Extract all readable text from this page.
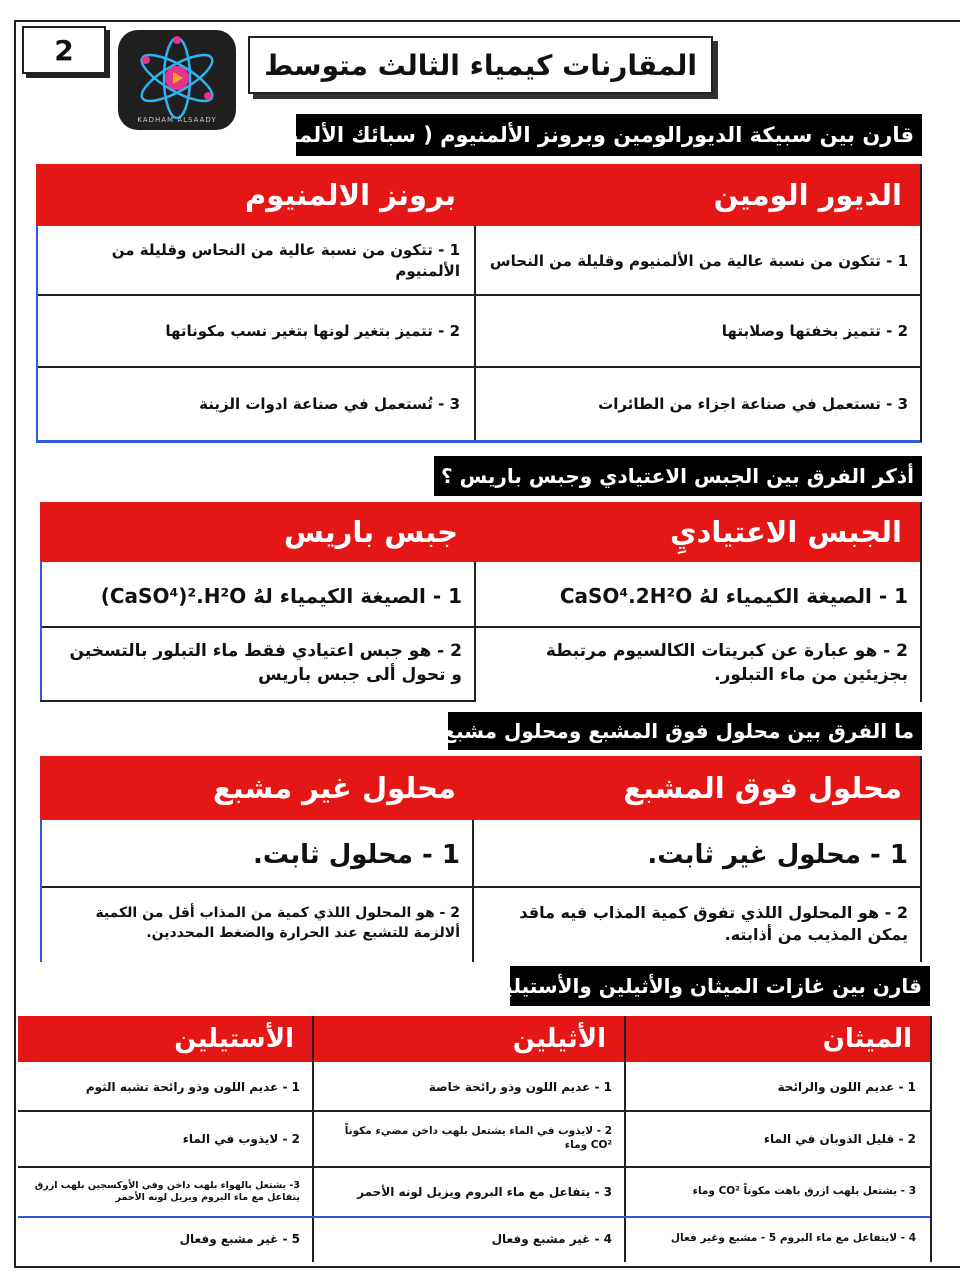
2
KADHAM ALSAADY
المقارنات كيمياء الثالث متوسط
قارن بين سبيكة الديورالومين وبرونز الألمنيوم ( سبائك الألمنيوم )
الديور الومين
برونز الالمنيوم
1 - تتكون من نسبة عالية من الألمنيوم وقليلة من النحاس
2 - تتميز بخفتها وصلابتها
3 - تستعمل في صناعة اجزاء من الطائرات
1 - تتكون من نسبة عالية من النحاس وقليلة من الألمنيوم
2 - تتميز بتغير لونها بتغير نسب مكوناتها
3 - تُستعمل في صناعة ادوات الزينة
أذكر الفرق بين الجبس الاعتيادي وجبس باريس ؟
الجبس الاعتياديِ
جبس باريس
1 - الصيغة الكيمياء لهُ CaSO⁴.2H²O
2 - هو عبارة عن كبريتات الكالسيوم مرتبطة بجزيئين من ماء التبلور.
1 - الصيغة الكيمياء لهُ CaSO⁴)².H²O)
2 - هو جبس اعتيادي فقط ماء التبلور بالتسخين و تحول ألى جبس باريس
ما الفرق بين محلول فوق المشبع ومحلول مشبع ؟
محلول فوق المشبع
محلول غير مشبع
1 - محلول غير ثابت.
2 - هو المحلول اللذي تفوق كمية المذاب فيه ماقد يمكن المذيب من أذابته.
1 - محلول ثابت.
2 - هو المحلول اللذي كمية من المذاب أقل من الكمية ألالزمة للتشبع عند الحرارة والضغط المحددين.
قارن بين غازات الميثان والأثيلين والأستيلين
الميثان
الأثيلين
الأستيلين
1 - عديم اللون والرائحة
2 - قليل الذوبان في الماء
3 - يشتعل بلهب ازرق باهت مكوناً CO² وماء
4 - لايتفاعل مع ماء البروم 5 - مشبع وغير فعال
1 - عديم اللون وذو رائحة خاصة
2 - لايذوب في الماء يشتعل بلهب داخن مضيء مكوناً CO² وماء
3 - يتفاعل مع ماء البروم ويزيل لونه الأحمر
4 - غير مشبع وفعال
1 - عديم اللون وذو رائحة تشبه الثوم
2 - لايذوب في الماء
3- يشتعل بالهواء بلهب داخن وفي الأوكسجين بلهب ازرق يتفاعل مع ماء البروم ويزيل لونه الأحمر
5 - غير مشبع وفعال
